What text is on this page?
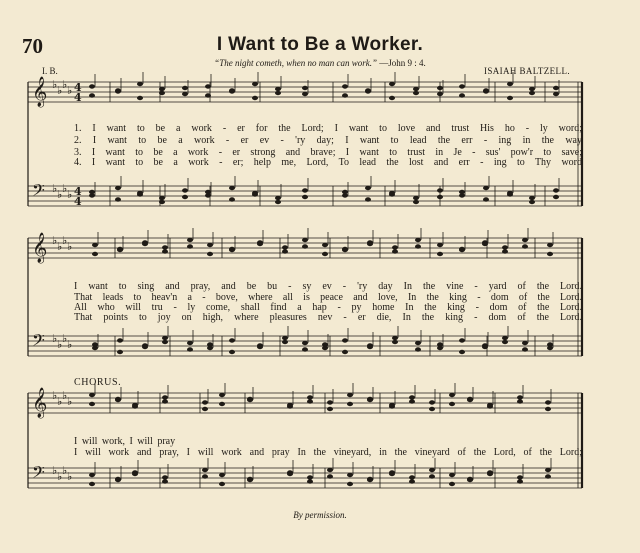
70	I Want to Be a Worker.
“The night cometh, when no man can work.” —John 9 : 4.
I. B.	ISAIAH BALTZELL.
𝄞 ♭ ♭ ♭ ♭ 4
4
𝄢 ♭ ♭ ♭ ♭ 4
4
𝄞 ♭ ♭ ♭ ♭
𝄢 ♭ ♭ ♭ ♭
𝄞 ♭ ♭ ♭ ♭
𝄢 ♭ ♭ ♭ ♭
1. I want to be a work - er for the Lord; I want to love and trust His ho - ly word;
2. I want to be a work - er ev - 'ry day; I want to lead the err - ing in the way
3. I want to be a work - er strong and brave; I want to trust in Je - sus' pow'r to save;
4. I want to be a work - er; help me, Lord, To lead the lost and err - ing to Thy word
I want to sing and pray, and be bu - sy ev - 'ry day In the vine - yard of the Lord.
That leads to heav'n a - bove, where all is peace and love, In the king - dom of the Lord.
All who will tru - ly come, shall find a hap - py home In the king - dom of the Lord.
That points to joy on high, where pleasures nev - er die, In the king - dom of the Lord.
CHORUS.
I will work, I will pray
I will work and pray, I will work and pray In the vineyard, in the vineyard of the Lord, of the Lord;
By permission.
